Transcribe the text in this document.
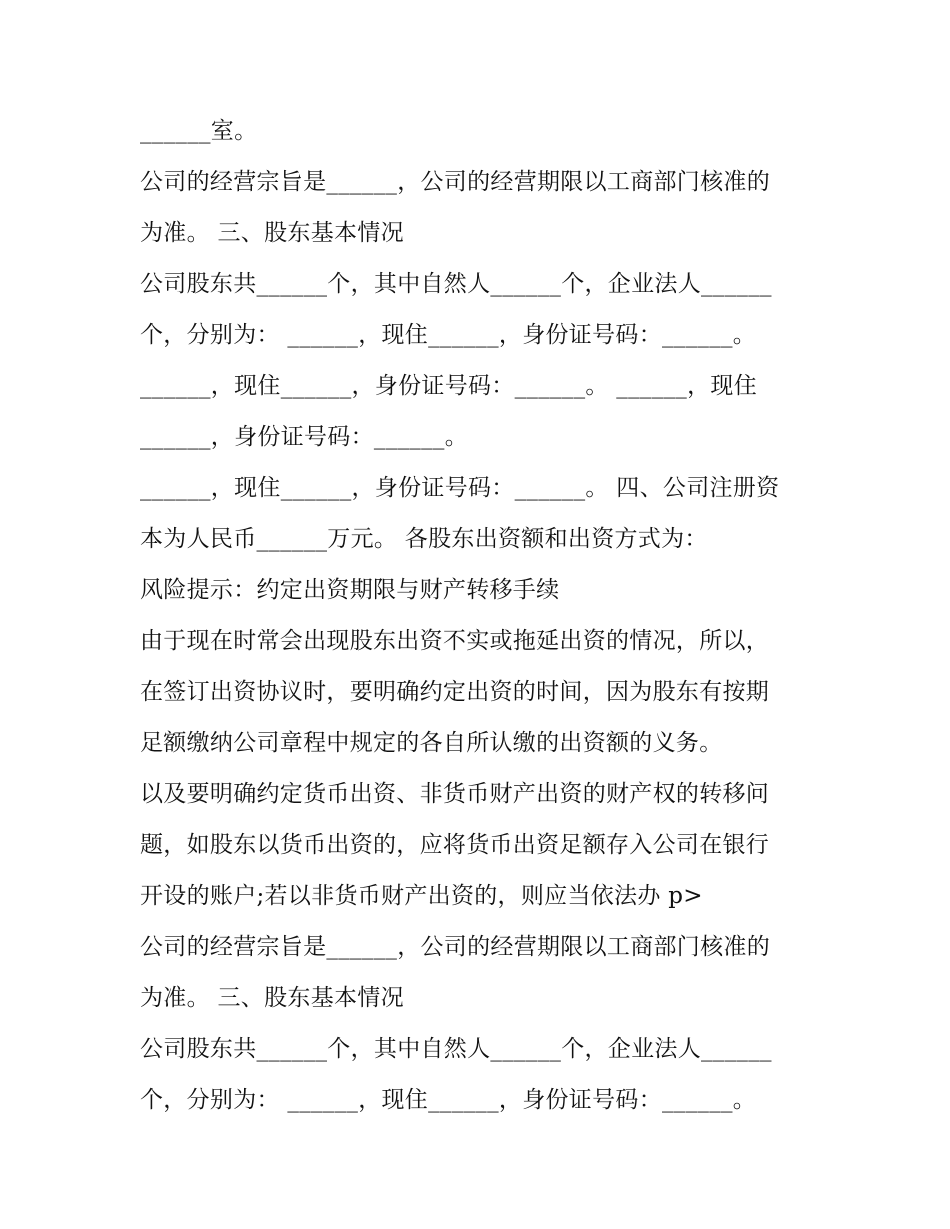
______室。
公司的经营宗旨是______，公司的经营期限以工商部门核准的
为准。 三、股东基本情况
公司股东共______个，其中自然人______个，企业法人______
个，分别为： ______，现住______，身份证号码：______。
______，现住______，身份证号码：______。 ______，现住
______，身份证号码：______。
______，现住______，身份证号码：______。 四、公司注册资
本为人民币______万元。 各股东出资额和出资方式为：
风险提示：约定出资期限与财产转移手续
由于现在时常会出现股东出资不实或拖延出资的情况，所以，
在签订出资协议时，要明确约定出资的时间，因为股东有按期
足额缴纳公司章程中规定的各自所认缴的出资额的义务。
以及要明确约定货币出资、非货币财产出资的财产权的转移问
题，如股东以货币出资的，应将货币出资足额存入公司在银行
开设的账户;若以非货币财产出资的，则应当依法办 p>
公司的经营宗旨是______，公司的经营期限以工商部门核准的
为准。 三、股东基本情况
公司股东共______个，其中自然人______个，企业法人______
个，分别为： ______，现住______，身份证号码：______。
